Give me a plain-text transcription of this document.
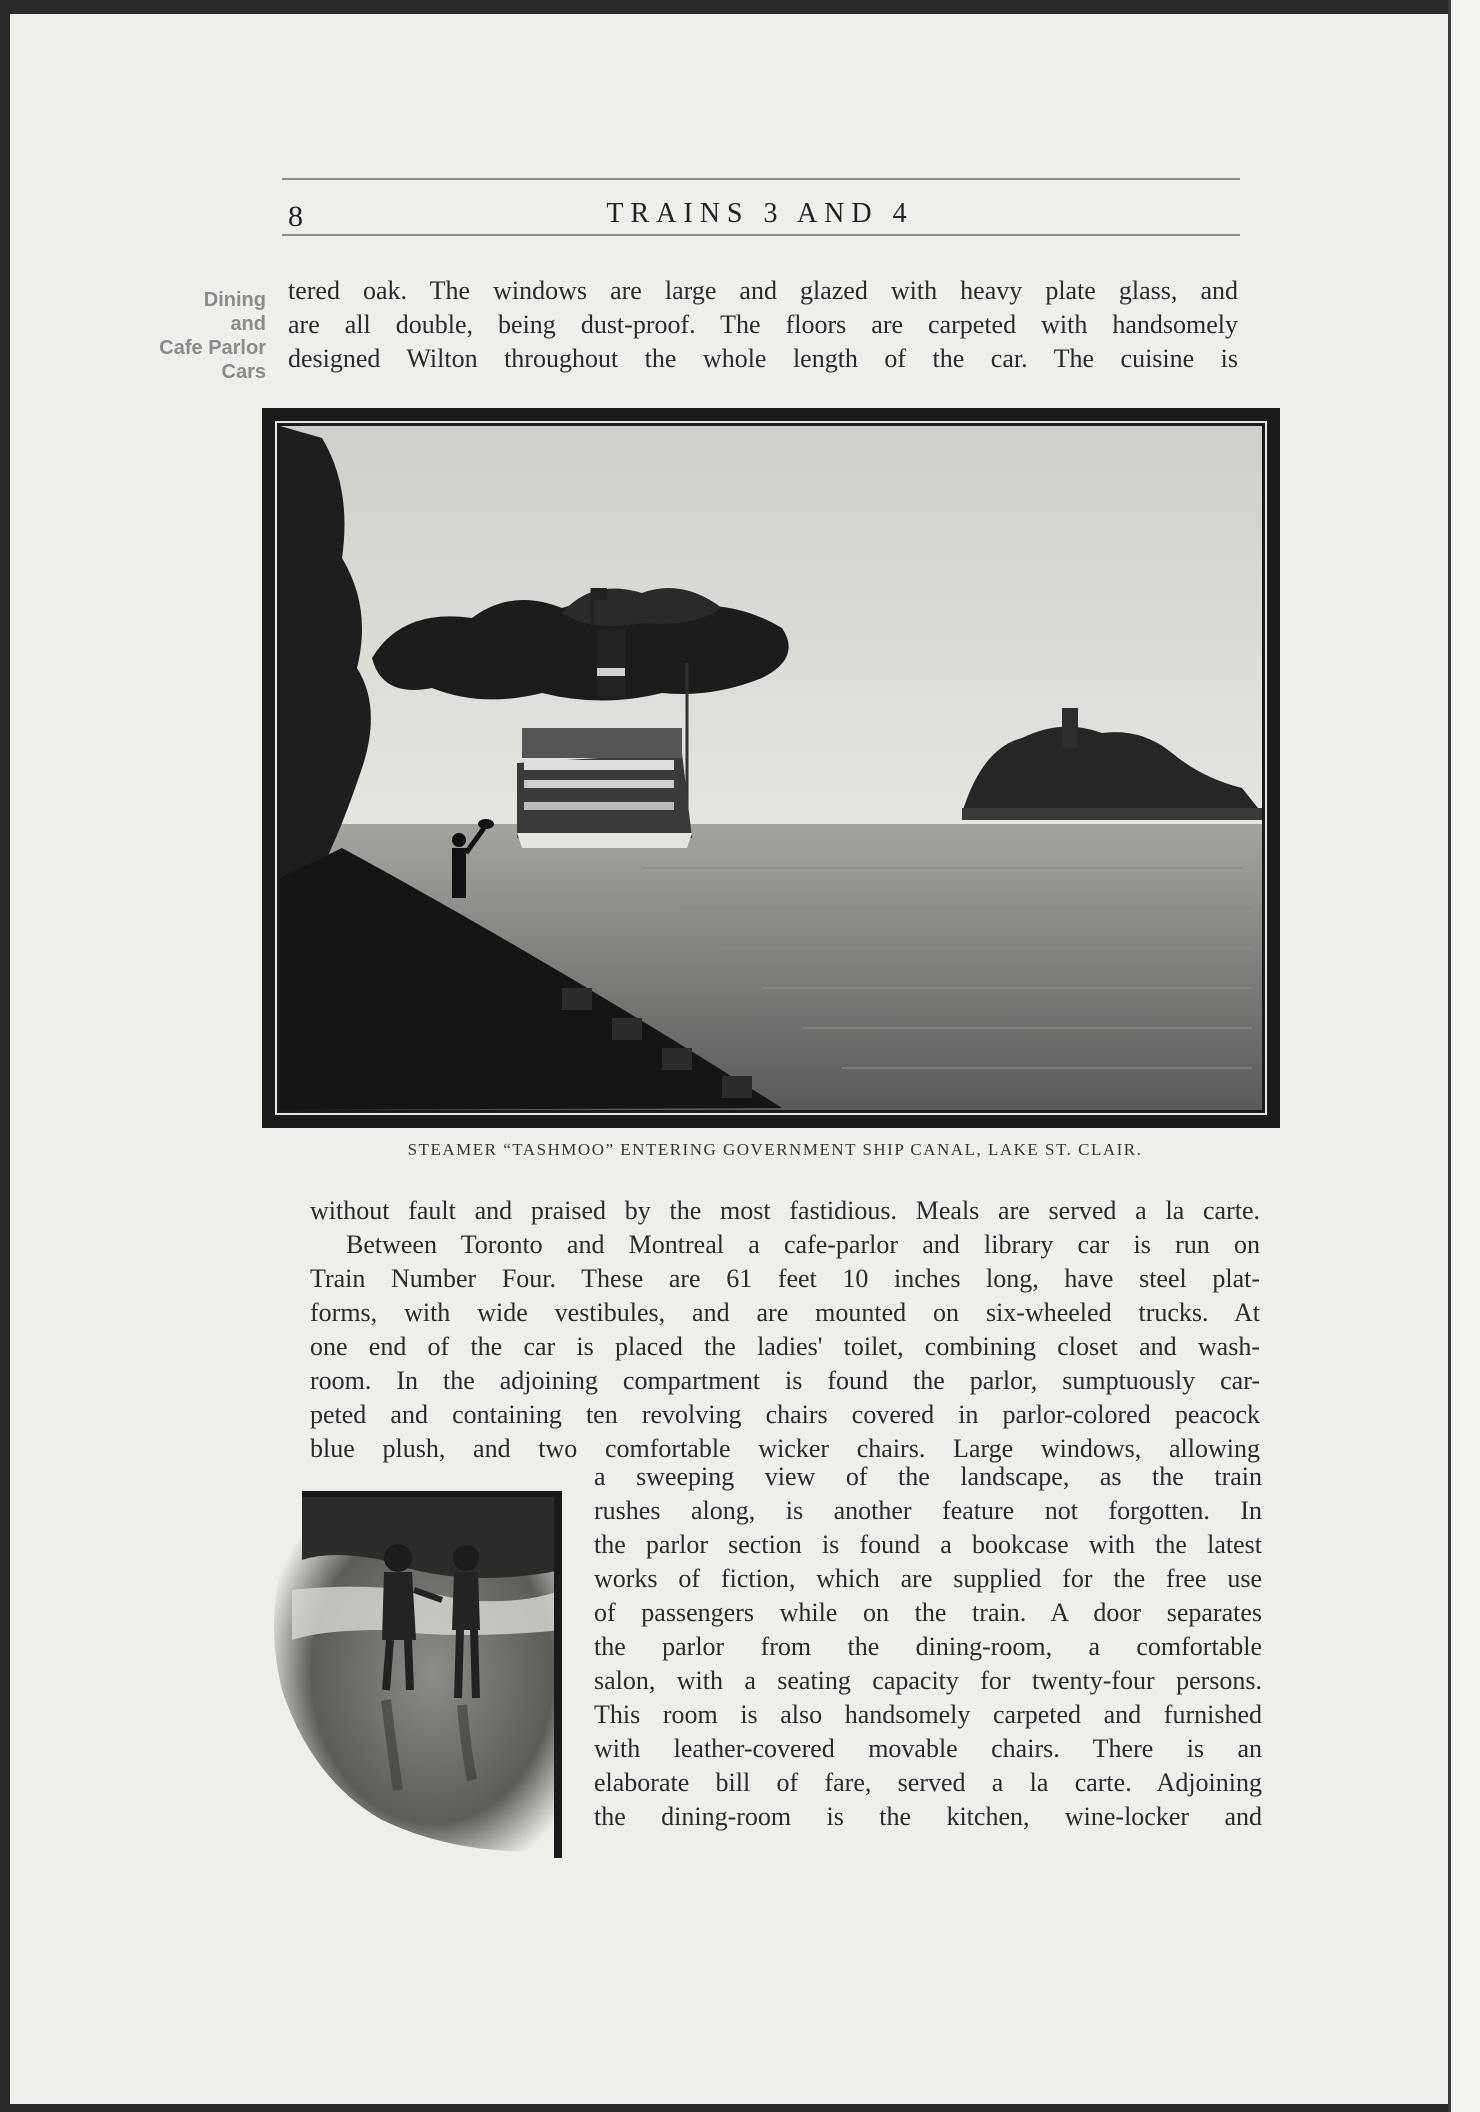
8	TRAINS 3 AND 4
Dining
and
Cafe Parlor
Cars
tered oak. The windows are large and glazed with heavy plate glass, and
are all double, being dust-proof. The floors are carpeted with handsomely
designed Wilton throughout the whole length of the car. The cuisine is
STEAMER “TASHMOO” ENTERING GOVERNMENT SHIP CANAL, LAKE ST. CLAIR.
without fault and praised by the most fastidious. Meals are served a la carte.
Between Toronto and Montreal a cafe-parlor and library car is run on
Train Number Four. These are 61 feet 10 inches long, have steel plat-
forms, with wide vestibules, and are mounted on six-wheeled trucks. At
one end of the car is placed the ladies' toilet, combining closet and wash-
room. In the adjoining compartment is found the parlor, sumptuously car-
peted and containing ten revolving chairs covered in parlor-colored peacock
blue plush, and two comfortable wicker chairs. Large windows, allowing
a sweeping view of the landscape, as the train
rushes along, is another feature not forgotten. In
the parlor section is found a bookcase with the latest
works of fiction, which are supplied for the free use
of passengers while on the train. A door separates
the parlor from the dining-room, a comfortable
salon, with a seating capacity for twenty-four persons.
This room is also handsomely carpeted and furnished
with leather-covered movable chairs. There is an
elaborate bill of fare, served a la carte. Adjoining
the dining-room is the kitchen, wine-locker and
